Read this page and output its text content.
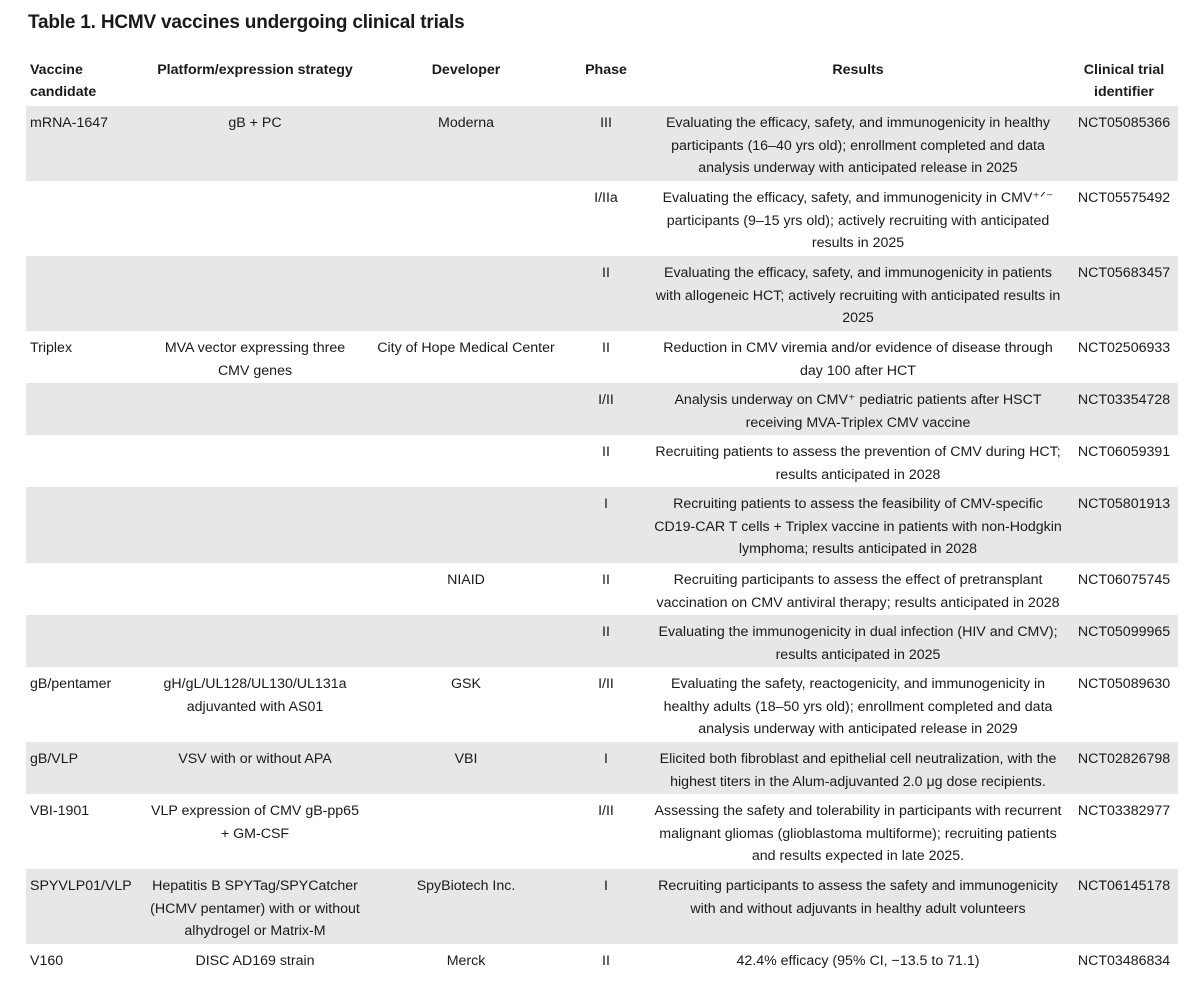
Table 1. HCMV vaccines undergoing clinical trials
Vaccine candidate	Platform/expression strategy	Developer	Phase	Results	Clinical trial identifier
mRNA-1647	gB + PC	Moderna	III	Evaluating the efficacy, safety, and immunogenicity in healthy participants (16–40 yrs old); enrollment completed and data analysis underway with anticipated release in 2025	NCT05085366
			I/IIa	Evaluating the efficacy, safety, and immunogenicity in CMV⁺ᐟ⁻ participants (9–15 yrs old); actively recruiting with anticipated results in 2025	NCT05575492
			II	Evaluating the efficacy, safety, and immunogenicity in patients with allogeneic HCT; actively recruiting with anticipated results in 2025	NCT05683457
Triplex	MVA vector expressing three CMV genes	City of Hope Medical Center	II	Reduction in CMV viremia and/or evidence of disease through day 100 after HCT	NCT02506933
			I/II	Analysis underway on CMV⁺ pediatric patients after HSCT receiving MVA-Triplex CMV vaccine	NCT03354728
			II	Recruiting patients to assess the prevention of CMV during HCT; results anticipated in 2028	NCT06059391
			I	Recruiting patients to assess the feasibility of CMV-specific CD19-CAR T cells + Triplex vaccine in patients with non-Hodgkin lymphoma; results anticipated in 2028	NCT05801913
		NIAID	II	Recruiting participants to assess the effect of pretransplant vaccination on CMV antiviral therapy; results anticipated in 2028	NCT06075745
			II	Evaluating the immunogenicity in dual infection (HIV and CMV); results anticipated in 2025	NCT05099965
gB/pentamer	gH/gL/UL128/UL130/UL131a adjuvanted with AS01	GSK	I/II	Evaluating the safety, reactogenicity, and immunogenicity in healthy adults (18–50 yrs old); enrollment completed and data analysis underway with anticipated release in 2029	NCT05089630
gB/VLP	VSV with or without APA	VBI	I	Elicited both fibroblast and epithelial cell neutralization, with the highest titers in the Alum-adjuvanted 2.0 μg dose recipients.	NCT02826798
VBI-1901	VLP expression of CMV gB-pp65 + GM-CSF		I/II	Assessing the safety and tolerability in participants with recurrent malignant gliomas (glioblastoma multiforme); recruiting patients and results expected in late 2025.	NCT03382977
SPYVLP01/VLP	Hepatitis B SPYTag/SPYCatcher (HCMV pentamer) with or without alhydrogel or Matrix-M	SpyBiotech Inc.	I	Recruiting participants to assess the safety and immunogenicity with and without adjuvants in healthy adult volunteers	NCT06145178
V160	DISC AD169 strain	Merck	II	42.4% efficacy (95% CI, −13.5 to 71.1)	NCT03486834
